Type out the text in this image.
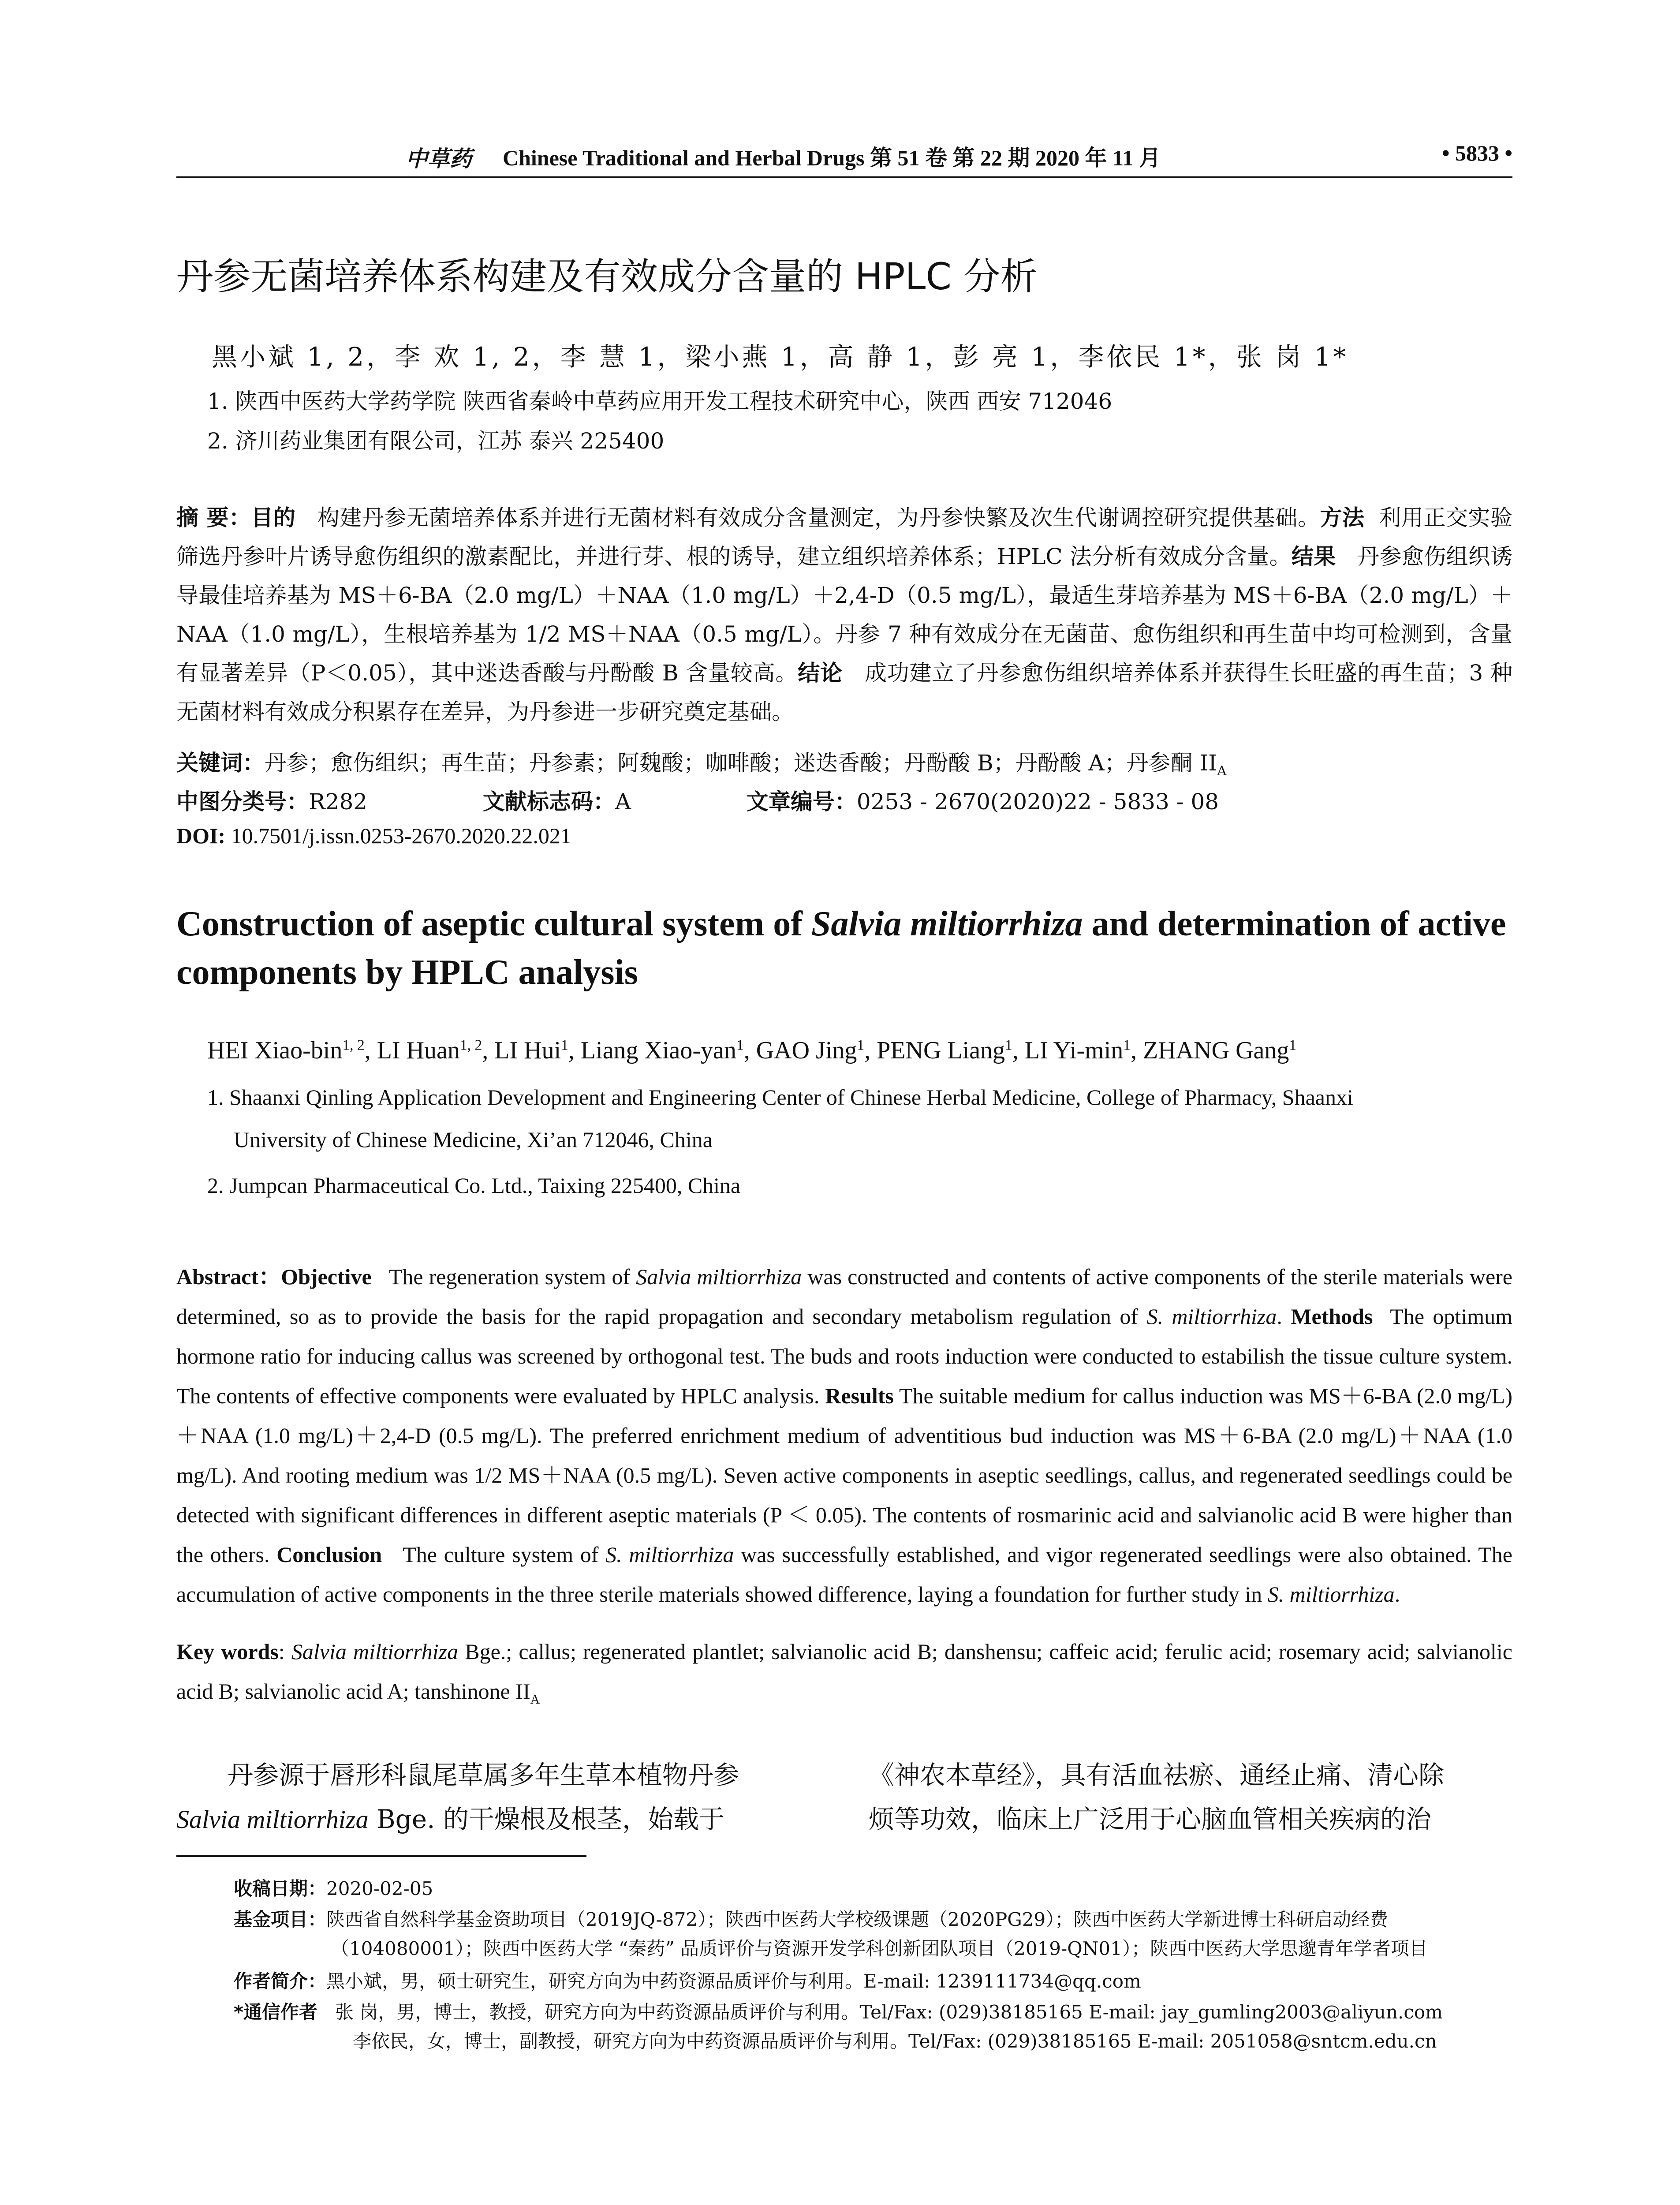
中草药 Chinese Traditional and Herbal Drugs 第 51 卷 第 22 期 2020 年 11 月	• 5833 •
丹参无菌培养体系构建及有效成分含量的 HPLC 分析
黑小斌 1, 2，李 欢 1, 2，李 慧 1，梁小燕 1，高 静 1，彭 亮 1，李依民 1*，张 岗 1*
1. 陕西中医药大学药学院 陕西省秦岭中草药应用开发工程技术研究中心，陕西 西安 712046
2. 济川药业集团有限公司，江苏 泰兴 225400
摘 要：目的 构建丹参无菌培养体系并进行无菌材料有效成分含量测定，为丹参快繁及次生代谢调控研究提供基础。方法 利用正交实验筛选丹参叶片诱导愈伤组织的激素配比，并进行芽、根的诱导，建立组织培养体系；HPLC 法分析有效成分含量。结果 丹参愈伤组织诱导最佳培养基为 MS＋6-BA（2.0 mg/L）＋NAA（1.0 mg/L）＋2,4-D（0.5 mg/L），最适生芽培养基为 MS＋6-BA（2.0 mg/L）＋NAA（1.0 mg/L），生根培养基为 1/2 MS＋NAA（0.5 mg/L）。丹参 7 种有效成分在无菌苗、愈伤组织和再生苗中均可检测到，含量有显著差异（P＜0.05），其中迷迭香酸与丹酚酸 B 含量较高。结论 成功建立了丹参愈伤组织培养体系并获得生长旺盛的再生苗；3 种无菌材料有效成分积累存在差异，为丹参进一步研究奠定基础。
关键词：丹参；愈伤组织；再生苗；丹参素；阿魏酸；咖啡酸；迷迭香酸；丹酚酸 B；丹酚酸 A；丹参酮 $II_A$
中图分类号：R282	文献标志码：A	文章编号：0253 - 2670(2020)22 - 5833 - 08
DOI: 10.7501/j.issn.0253-2670.2020.22.021
Construction of aseptic cultural system of Salvia miltiorrhiza and determination of active components by HPLC analysis
HEI Xiao-bin$^{1, 2}$, LI Huan$^{1, 2}$, LI Hui$^1$, Liang Xiao-yan$^1$, GAO Jing$^1$, PENG Liang$^1$, LI $Yi-\min^1$, ZHANG Gang$^1$
1. Shaanxi Qinling Application Development and Engineering Center of Chinese Herbal Medicine, College of Pharmacy, Shaanxi
University of Chinese Medicine, Xi’an 712046, China
2. Jumpcan Pharmaceutical Co. Ltd., Taixing 225400, China
Abstract：Objective The regeneration system of Salvia miltiorrhiza was constructed and contents of active components of the sterile materials were determined, so as to provide the basis for the rapid propagation and secondary metabolism regulation of S. miltiorrhiza. Methods The optimum hormone ratio for inducing callus was screened by orthogonal test. The buds and roots induction were conducted to estabilish the tissue culture system. The contents of effective components were evaluated by HPLC analysis. Results The suitable medium for callus induction was MS＋6-BA (2.0 mg/L)＋NAA (1.0 mg/L)＋2,4-D (0.5 mg/L). The preferred enrichment medium of adventitious bud induction was MS＋6-BA (2.0 mg/L)＋NAA (1.0 mg/L). And rooting medium was 1/2 MS＋NAA (0.5 mg/L). Seven active components in aseptic seedlings, callus, and regenerated seedlings could be detected with significant differences in different aseptic materials (P ＜ 0.05). The contents of rosmarinic acid and salvianolic acid B were higher than the others. Conclusion The culture system of S. miltiorrhiza was successfully established, and vigor regenerated seedlings were also obtained. The accumulation of active components in the three sterile materials showed difference, laying a foundation for further study in S. miltiorrhiza.
Key words: Salvia miltiorrhiza Bge.; callus; regenerated plantlet; salvianolic acid B; danshensu; caffeic acid; ferulic acid; rosemary acid; salvianolic acid B; salvianolic acid A; tanshinone $II_A$
丹参源于唇形科鼠尾草属多年生草本植物丹参
Salvia miltiorrhiza Bge. 的干燥根及根茎，始载于
《神农本草经》，具有活血祛瘀、通经止痛、清心除
烦等功效，临床上广泛用于心脑血管相关疾病的治
收稿日期：2020-02-05
基金项目：陕西省自然科学基金资助项目（2019JQ-872）；陕西中医药大学校级课题（2020PG29）；陕西中医药大学新进博士科研启动经费
（104080001）；陕西中医药大学 “秦药” 品质评价与资源开发学科创新团队项目（2019-QN01）；陕西中医药大学思邈青年学者项目
作者简介：黑小斌，男，硕士研究生，研究方向为中药资源品质评价与利用。E-mail: 1239111734@qq.com
*通信作者 张 岗，男，博士，教授，研究方向为中药资源品质评价与利用。Tel/Fax: (029)38185165 E-mail: jay_gumling2003@aliyun.com
李依民，女，博士，副教授，研究方向为中药资源品质评价与利用。Tel/Fax: (029)38185165 E-mail: 2051058@sntcm.edu.cn
